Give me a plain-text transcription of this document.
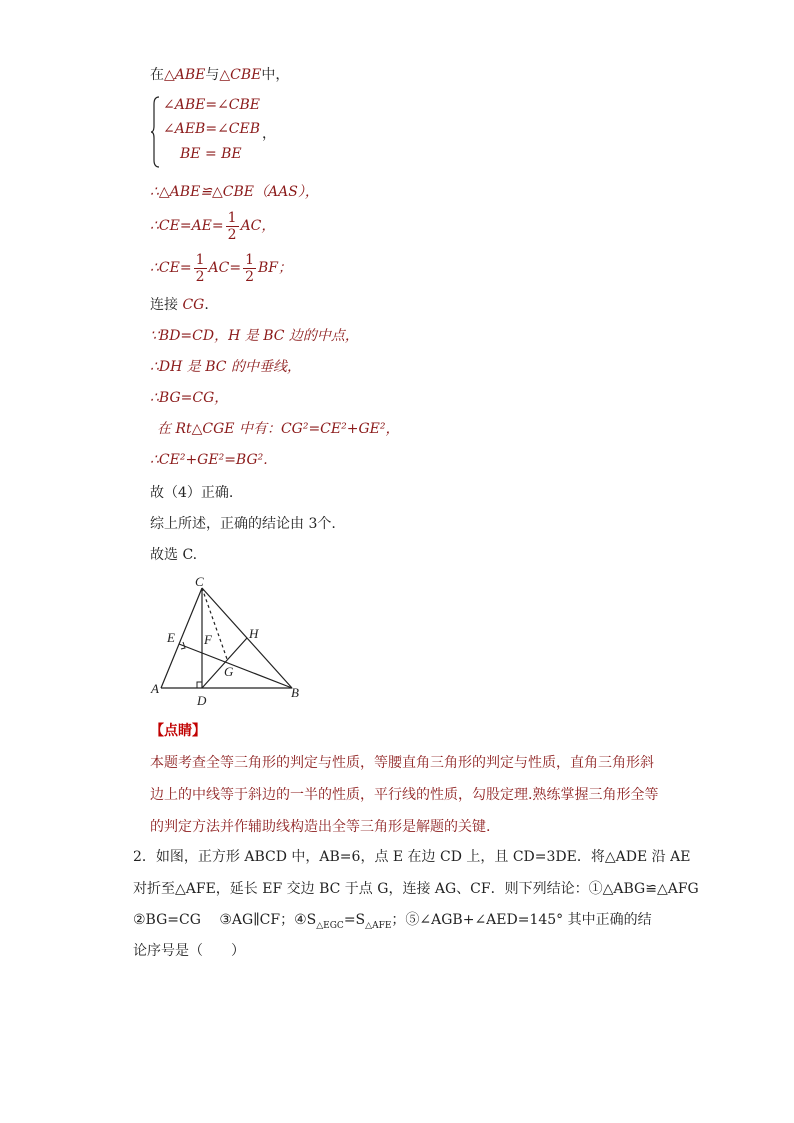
在△ABE与△CBE中，
∠ABE=∠CBE
∠AEB=∠CEB ，
BE = BE
∴△ABE≌△CBE（AAS），
∴CE=AE= $\frac{1}{2}$ AC，
∴CE= $\frac{1}{2} AC= \frac{1}{2}$ BF；
连接 CG.
∵BD=CD，H 是 BC 边的中点，
∴DH 是 BC 的中垂线，
∴BG=CG，
在 Rt△CGE 中有：CG²=CE²+GE²，
∴CE²+GE²=BG².
故（4）正确.
综上所述，正确的结论由 3个.
故选 C.
C
E F	H
G
A
D
B
【点睛】
本题考查全等三角形的判定与性质，等腰直角三角形的判定与性质，直角三角形斜
边上的中线等于斜边的一半的性质，平行线的性质，勾股定理.熟练掌握三角形全等
的判定方法并作辅助线构造出全等三角形是解题的关键.
2．如图，正方形 ABCD 中，AB=6，点 E 在边 CD 上，且 CD=3DE．将△ADE 沿 AE
对折至△AFE，延长 EF 交边 BC 于点 G，连接 AG、CF．则下列结论：①△ABG≌△AFG
②BG=CG　 ③AG∥CF；$④S_{\triangle EGC}=S_{\triangle AFE}$；⑤∠AGB+∠AED=145° 其中正确的结
论序号是（　　）
